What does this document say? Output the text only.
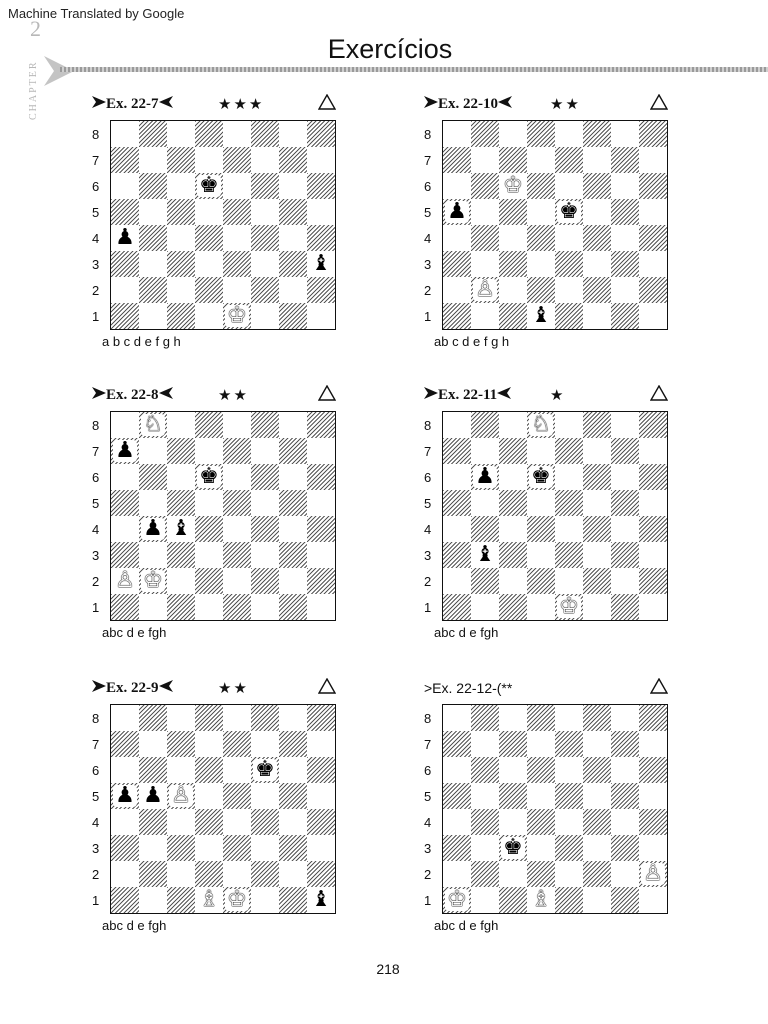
Machine Translated by Google
2
CHAPTER
Exercícios
Ex. 22-7	★★★
8
7
6
5
4
3
2
1
♚
♟
♝
♔
a b c d e f g h
Ex. 22-10	★★
8
7
6
5
4
3
2
1
♔
♟	♚
♙
♝
ab c d e f g h
Ex. 22-8	★★
8
7
6
5
4
3
2
1
♘
♟
♚
♟ ♝
♙ ♔
abc d e fgh
Ex. 22-11	★
8
7
6
5
4
3
2
1
♘
♟ ♚
♝
♔
abc d e fgh
Ex. 22-9	★★
8
7
6
5
4
3
2
1
♚
♟ ♟ ♙
♗ ♔	♝
abc d e fgh
>Ex. 22-12-(**
8
7
6
5
4
3
2
1
♚
♙
♔	♗
abc d e fgh
218
